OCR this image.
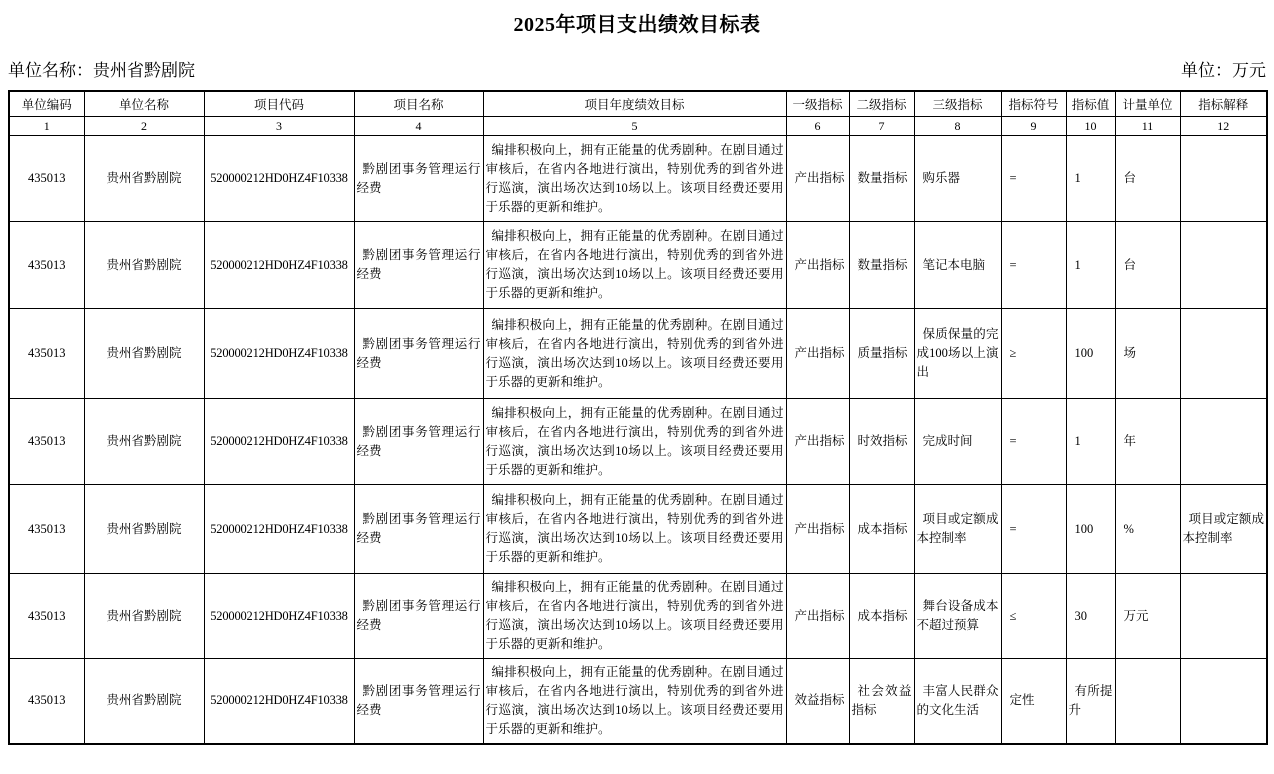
2025年项目支出绩效目标表
单位名称：贵州省黔剧院	单位：万元
单位编码	单位名称	项目代码	项目名称	项目年度绩效目标	一级指标	二级指标	三级指标	指标符号	指标值	计量单位	指标解释
1	2	3	4	5	6	7	8	9	10	11	12
435013	贵州省黔剧院	520000212HD0HZ4F10338	黔剧团事务管理运行经费	编排积极向上，拥有正能量的优秀剧种。在剧目通过审核后，在省内各地进行演出，特别优秀的到省外进行巡演，演出场次达到10场以上。该项目经费还要用于乐器的更新和维护。	产出指标	数量指标	购乐器	=	1	台	
435013	贵州省黔剧院	520000212HD0HZ4F10338	黔剧团事务管理运行经费	编排积极向上，拥有正能量的优秀剧种。在剧目通过审核后，在省内各地进行演出，特别优秀的到省外进行巡演，演出场次达到10场以上。该项目经费还要用于乐器的更新和维护。	产出指标	数量指标	笔记本电脑	=	1	台	
435013	贵州省黔剧院	520000212HD0HZ4F10338	黔剧团事务管理运行经费	编排积极向上，拥有正能量的优秀剧种。在剧目通过审核后，在省内各地进行演出，特别优秀的到省外进行巡演，演出场次达到10场以上。该项目经费还要用于乐器的更新和维护。	产出指标	质量指标	保质保量的完成100场以上演出	≥	100	场	
435013	贵州省黔剧院	520000212HD0HZ4F10338	黔剧团事务管理运行经费	编排积极向上，拥有正能量的优秀剧种。在剧目通过审核后，在省内各地进行演出，特别优秀的到省外进行巡演，演出场次达到10场以上。该项目经费还要用于乐器的更新和维护。	产出指标	时效指标	完成时间	=	1	年	
435013	贵州省黔剧院	520000212HD0HZ4F10338	黔剧团事务管理运行经费	编排积极向上，拥有正能量的优秀剧种。在剧目通过审核后，在省内各地进行演出，特别优秀的到省外进行巡演，演出场次达到10场以上。该项目经费还要用于乐器的更新和维护。	产出指标	成本指标	项目或定额成本控制率	=	100	%	项目或定额成本控制率
435013	贵州省黔剧院	520000212HD0HZ4F10338	黔剧团事务管理运行经费	编排积极向上，拥有正能量的优秀剧种。在剧目通过审核后，在省内各地进行演出，特别优秀的到省外进行巡演，演出场次达到10场以上。该项目经费还要用于乐器的更新和维护。	产出指标	成本指标	舞台设备成本不超过预算	≤	30	万元	
435013	贵州省黔剧院	520000212HD0HZ4F10338	黔剧团事务管理运行经费	编排积极向上，拥有正能量的优秀剧种。在剧目通过审核后，在省内各地进行演出，特别优秀的到省外进行巡演，演出场次达到10场以上。该项目经费还要用于乐器的更新和维护。	效益指标	社会效益指标	丰富人民群众的文化生活	定性	有所提升		
